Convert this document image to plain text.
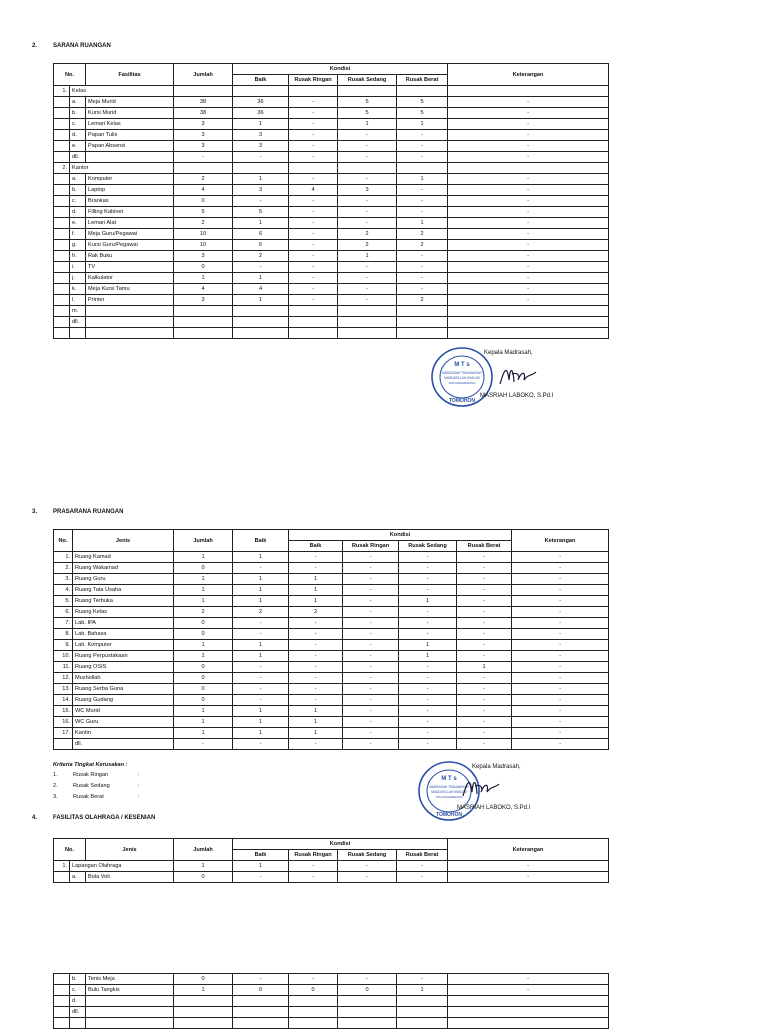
2.	SARANA RUANGAN
No.		Fasilitas	Jumlah	Kondisi				Keterangan
				Baik	Rusak Ringan	Rusak Sedang	Rusak Berat	
1.	Kelas							
	a.	Meja Murid	38	36	-	5	5	-
	b.	Kursi Murid	38	36	-	5	5	-
	c.	Lemari Kelas	3	1	-	1	1	-
	d.	Papan Tulis	3	3	-	-	-	-
	e.	Papan Absensi	3	3	-	-	-	-
	dll.		-	-	-	-	-	-
2.	Kantor							
	a.	Komputer	2	1	-	-	1	-
	b.	Laptop	4	3	4	3	-	-
	c.	Brankas	0	-	-	-	-	-
	d.	Filling Kabinet	5	5	-	-	-	-
	e.	Lemari Alat	2	1	-	-	1	-
	f.	Meja Guru/Pegawai	10	6	-	2	2	-
	g.	Kursi Guru/Pegawai	10	6	-	2	2	-
	h.	Rak Buku	3	2	-	1	-	-
	i.	TV	0	-	-	-	-	-
	j.	Kalkulator	1	1	-	-	-	-
	k.	Meja Kursi Tamu	4	4	-	-	-	-
	l.	Printer	3	1	-	-	2	-
	m.							
	dll.							

M T s
MADRASAH TSANAWIYAH
MADDATILLAH KIMLOM
TANJUNGMENANG
TOMOHON
Kepala Madrasah,
MASRIAH LABOKO, S.Pd.I
3.	PRASARANA RUANGAN
No.	Jenis	Jumlah	Baik	Kondisi				Keterangan
				Baik	Rusak Ringan	Rusak Sedang	Rusak Berat	
1.	Ruang Kamad	1	1	-	-	-	-	-
2.	Ruang Wakamad	0	-	-	-	-	-	-
3.	Ruang Guru	1	1	1	-	-	-	-
4.	Ruang Tata Usaha	1	1	1	-	-	-	-
5.	Ruang Terbuka	1	1	1	-	1	-	-
6.	Ruang Kelas	2	2	2	-	-	-	-
7.	Lab. IPA	0	-	-	-	-	-	-
8.	Lab. Bahasa	0	-	-	-	-	-	-
9.	Lab. Komputer	1	1	-	-	1	-	-
10.	Ruang Perpustakaan	1	1	-	-	1	-	-
11.	Ruang OSIS	0	-	-	-	-	1	-
12.	Mushollah	0	-	-	-	-	-	-
13.	Ruang Serba Guna	0	-	-	-	-	-	-
14.	Ruang Gudang	0	-	-	-	-	-	-
15.	WC Murid	1	1	1	-	-	-	-
16.	WC Guru	1	1	1	-	-	-	-
17.	Kantin	1	1	1	-	-	-	-
	dll.	-	-	-	-	-	-	-
Kriteria Tingkat Kerusakan :
1.	Rusak Ringan	:
2.	Rusak Sedang	:
3.	Rusak Berat	:
M T s
MADRASAH TSANAWIYAH
MADDATILLAH KIMLOM
TANJUNGMENANG
TOMOHON
Kepala Madrasah,
MASRIAH LABOKO, S.Pd.I
4.	FASILITAS OLAHRAGA / KESENIAN
No.		Jenis	Jumlah	Kondisi				Keterangan
				Baik	Rusak Ringan	Rusak Sedang	Rusak Berat	
1.	Lapangan Olahraga		1	1	-	-	-	-
	a.	Bola Voli	0	-	-	-	-	-
	b.	Tenis Meja	0	-	-	-	-	-
	c.	Bulu Tangkis	1	0	0	0	1	-
	d.							
	dll.							
